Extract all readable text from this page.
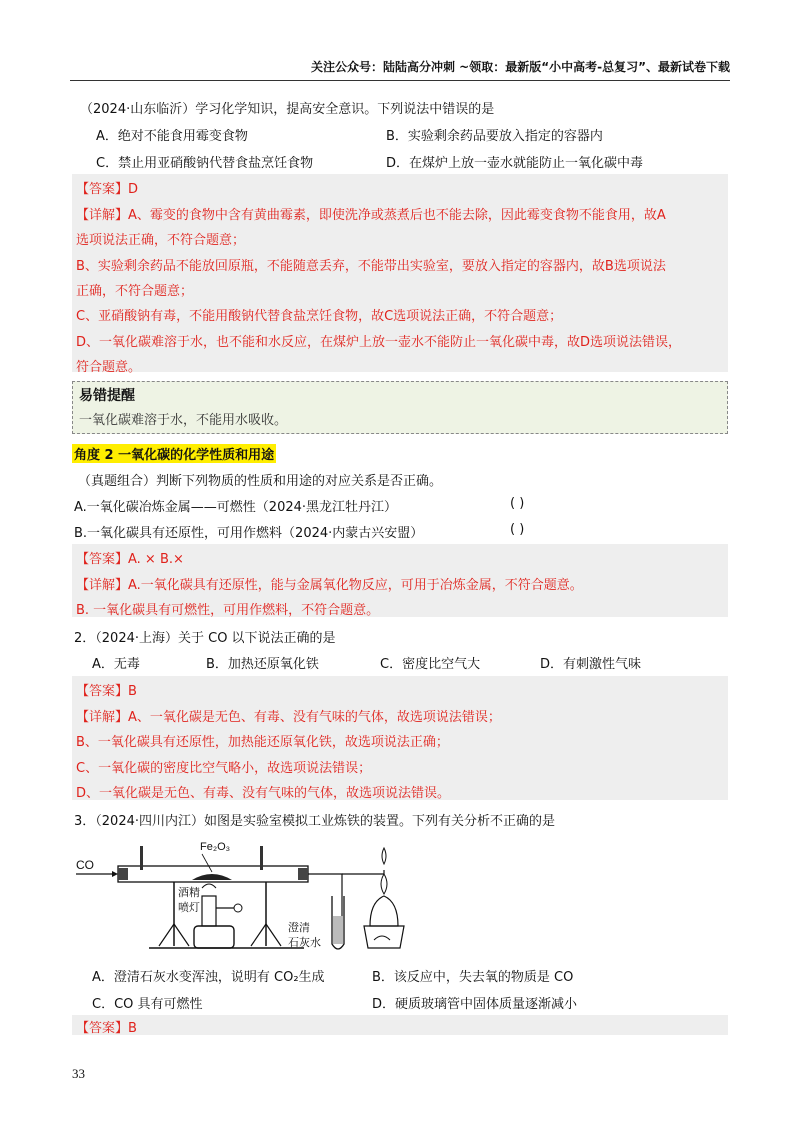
关注公众号：陆陆高分冲刺 ~领取：最新版“小中高考-总复习”、最新试卷下载
（2024·山东临沂）学习化学知识，提高安全意识。下列说法中错误的是
A．绝对不能食用霉变食物	B．实验剩余药品要放入指定的容器内
C．禁止用亚硝酸钠代替食盐烹饪食物	D．在煤炉上放一壶水就能防止一氧化碳中毒
【答案】D
【详解】A、霉变的食物中含有黄曲霉素，即使洗净或蒸煮后也不能去除，因此霉变食物不能食用，故A
选项说法正确，不符合题意；
B、实验剩余药品不能放回原瓶，不能随意丢弃，不能带出实验室，要放入指定的容器内，故B选项说法
正确，不符合题意；
C、亚硝酸钠有毒，不能用酸钠代替食盐烹饪食物，故C选项说法正确，不符合题意；
D、一氧化碳难溶于水，也不能和水反应，在煤炉上放一壶水不能防止一氧化碳中毒，故D选项说法错误，
符合题意。
易错提醒
一氧化碳难溶于水，不能用水吸收。
角度 2 一氧化碳的化学性质和用途
（真题组合）判断下列物质的性质和用途的对应关系是否正确。
A.一氧化碳冶炼金属——可燃性（2024·黑龙江牡丹江）	( )
B.一氧化碳具有还原性，可用作燃料（2024·内蒙古兴安盟）	( )
【答案】A. × B.×
【详解】A.一氧化碳具有还原性，能与金属氧化物反应，可用于冶炼金属，不符合题意。
B. 一氧化碳具有可燃性，可用作燃料，不符合题意。
2．（2024·上海）关于 CO 以下说法正确的是
A．无毒	B．加热还原氧化铁	C．密度比空气大	D．有刺激性气味
【答案】B
【详解】A、一氧化碳是无色、有毒、没有气味的气体，故选项说法错误；
B、一氧化碳具有还原性，加热能还原氧化铁，故选项说法正确；
C、一氧化碳的密度比空气略小，故选项说法错误；
D、一氧化碳是无色、有毒、没有气味的气体，故选项说法错误。
3．（2024·四川内江）如图是实验室模拟工业炼铁的装置。下列有关分析不正确的是
CO
Fe₂O₃
酒精
喷灯
澄清
石灰水
A．澄清石灰水变浑浊，说明有 CO₂生成	B．该反应中，失去氧的物质是 CO
C．CO 具有可燃性	D．硬质玻璃管中固体质量逐渐减小
【答案】B
33
